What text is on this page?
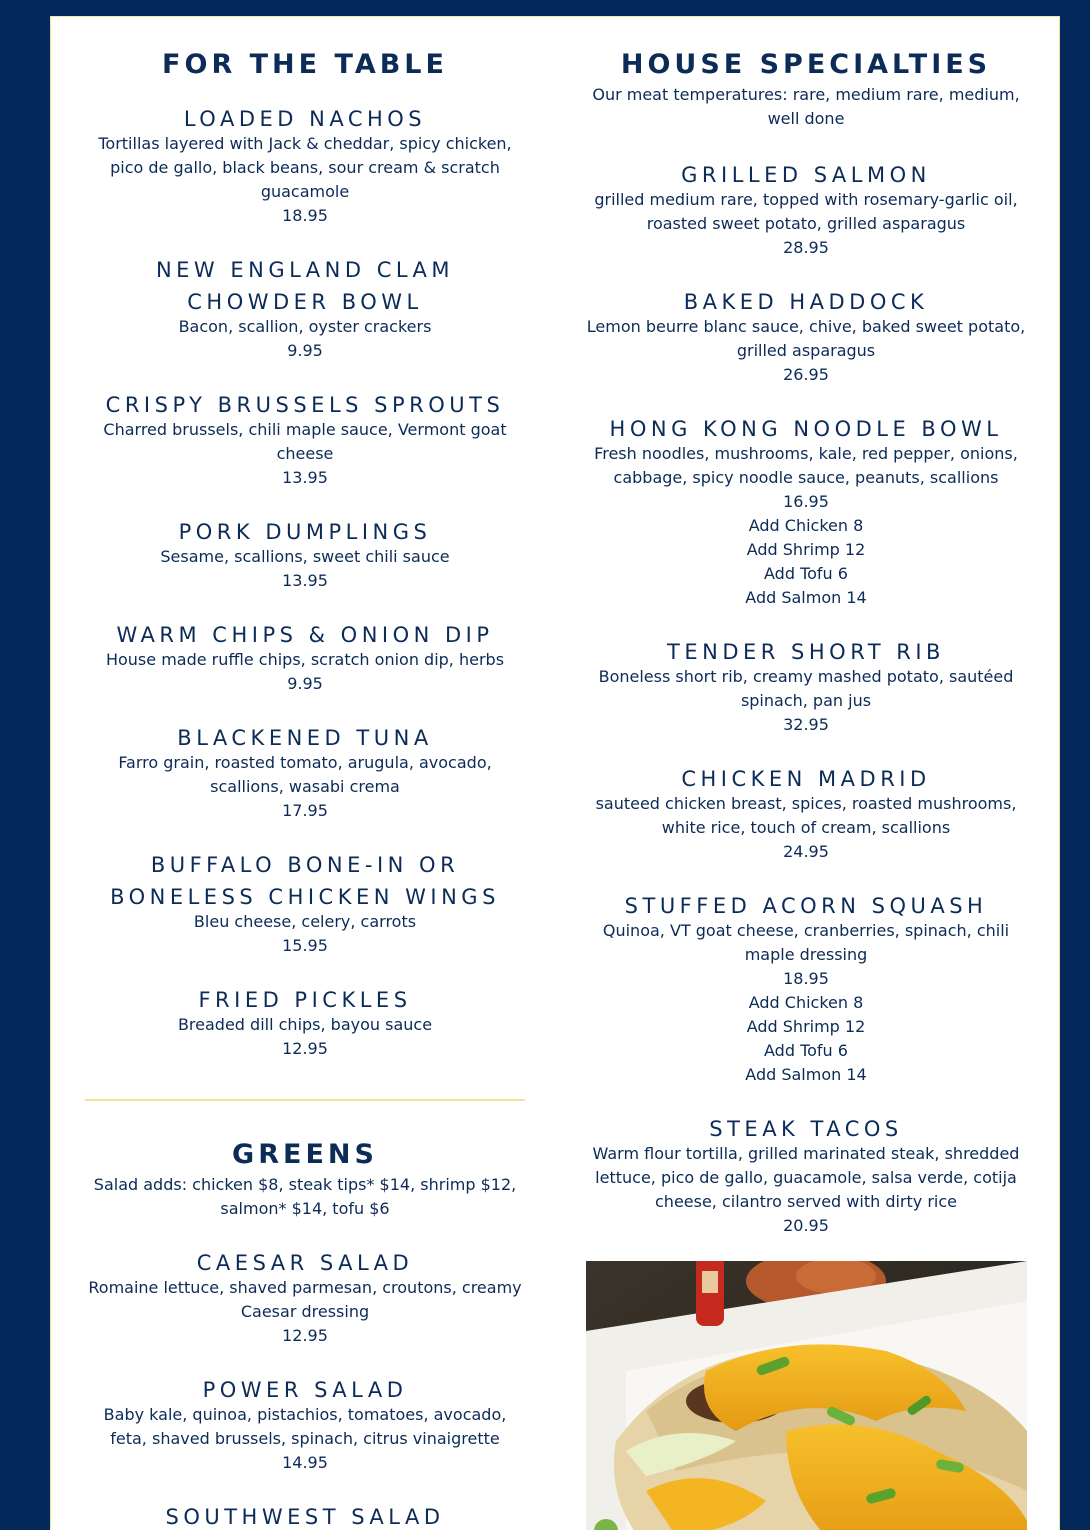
FOR THE TABLE
LOADED NACHOS
Tortillas layered with Jack & cheddar, spicy chicken, pico de gallo, black beans, sour cream & scratch guacamole
18.95
NEW ENGLAND CLAM CHOWDER BOWL
Bacon, scallion, oyster crackers
9.95
CRISPY BRUSSELS SPROUTS
Charred brussels, chili maple sauce, Vermont goat cheese
13.95
PORK DUMPLINGS
Sesame, scallions, sweet chili sauce
13.95
WARM CHIPS & ONION DIP
House made ruffle chips, scratch onion dip, herbs
9.95
BLACKENED TUNA
Farro grain, roasted tomato, arugula, avocado, scallions, wasabi crema
17.95
BUFFALO BONE-IN OR BONELESS CHICKEN WINGS
Bleu cheese, celery, carrots
15.95
FRIED PICKLES
Breaded dill chips, bayou sauce
12.95
GREENS
Salad adds: chicken $8, steak tips* $14, shrimp $12, salmon* $14, tofu $6
CAESAR SALAD
Romaine lettuce, shaved parmesan, croutons, creamy Caesar dressing
12.95
POWER SALAD
Baby kale, quinoa, pistachios, tomatoes, avocado, feta, shaved brussels, spinach, citrus vinaigrette
14.95
SOUTHWEST SALAD
HOUSE SPECIALTIES
Our meat temperatures: rare, medium rare, medium, well done
GRILLED SALMON
grilled medium rare, topped with rosemary-garlic oil, roasted sweet potato, grilled asparagus
28.95
BAKED HADDOCK
Lemon beurre blanc sauce, chive, baked sweet potato, grilled asparagus
26.95
HONG KONG NOODLE BOWL
Fresh noodles, mushrooms, kale, red pepper, onions, cabbage, spicy noodle sauce, peanuts, scallions
16.95
Add Chicken 8
Add Shrimp 12
Add Tofu 6
Add Salmon 14
TENDER SHORT RIB
Boneless short rib, creamy mashed potato, sautéed spinach, pan jus
32.95
CHICKEN MADRID
sauteed chicken breast, spices, roasted mushrooms, white rice, touch of cream, scallions
24.95
STUFFED ACORN SQUASH
Quinoa, VT goat cheese, cranberries, spinach, chili maple dressing
18.95
Add Chicken 8
Add Shrimp 12
Add Tofu 6
Add Salmon 14
STEAK TACOS
Warm flour tortilla, grilled marinated steak, shredded lettuce, pico de gallo, guacamole, salsa verde, cotija cheese, cilantro served with dirty rice
20.95
